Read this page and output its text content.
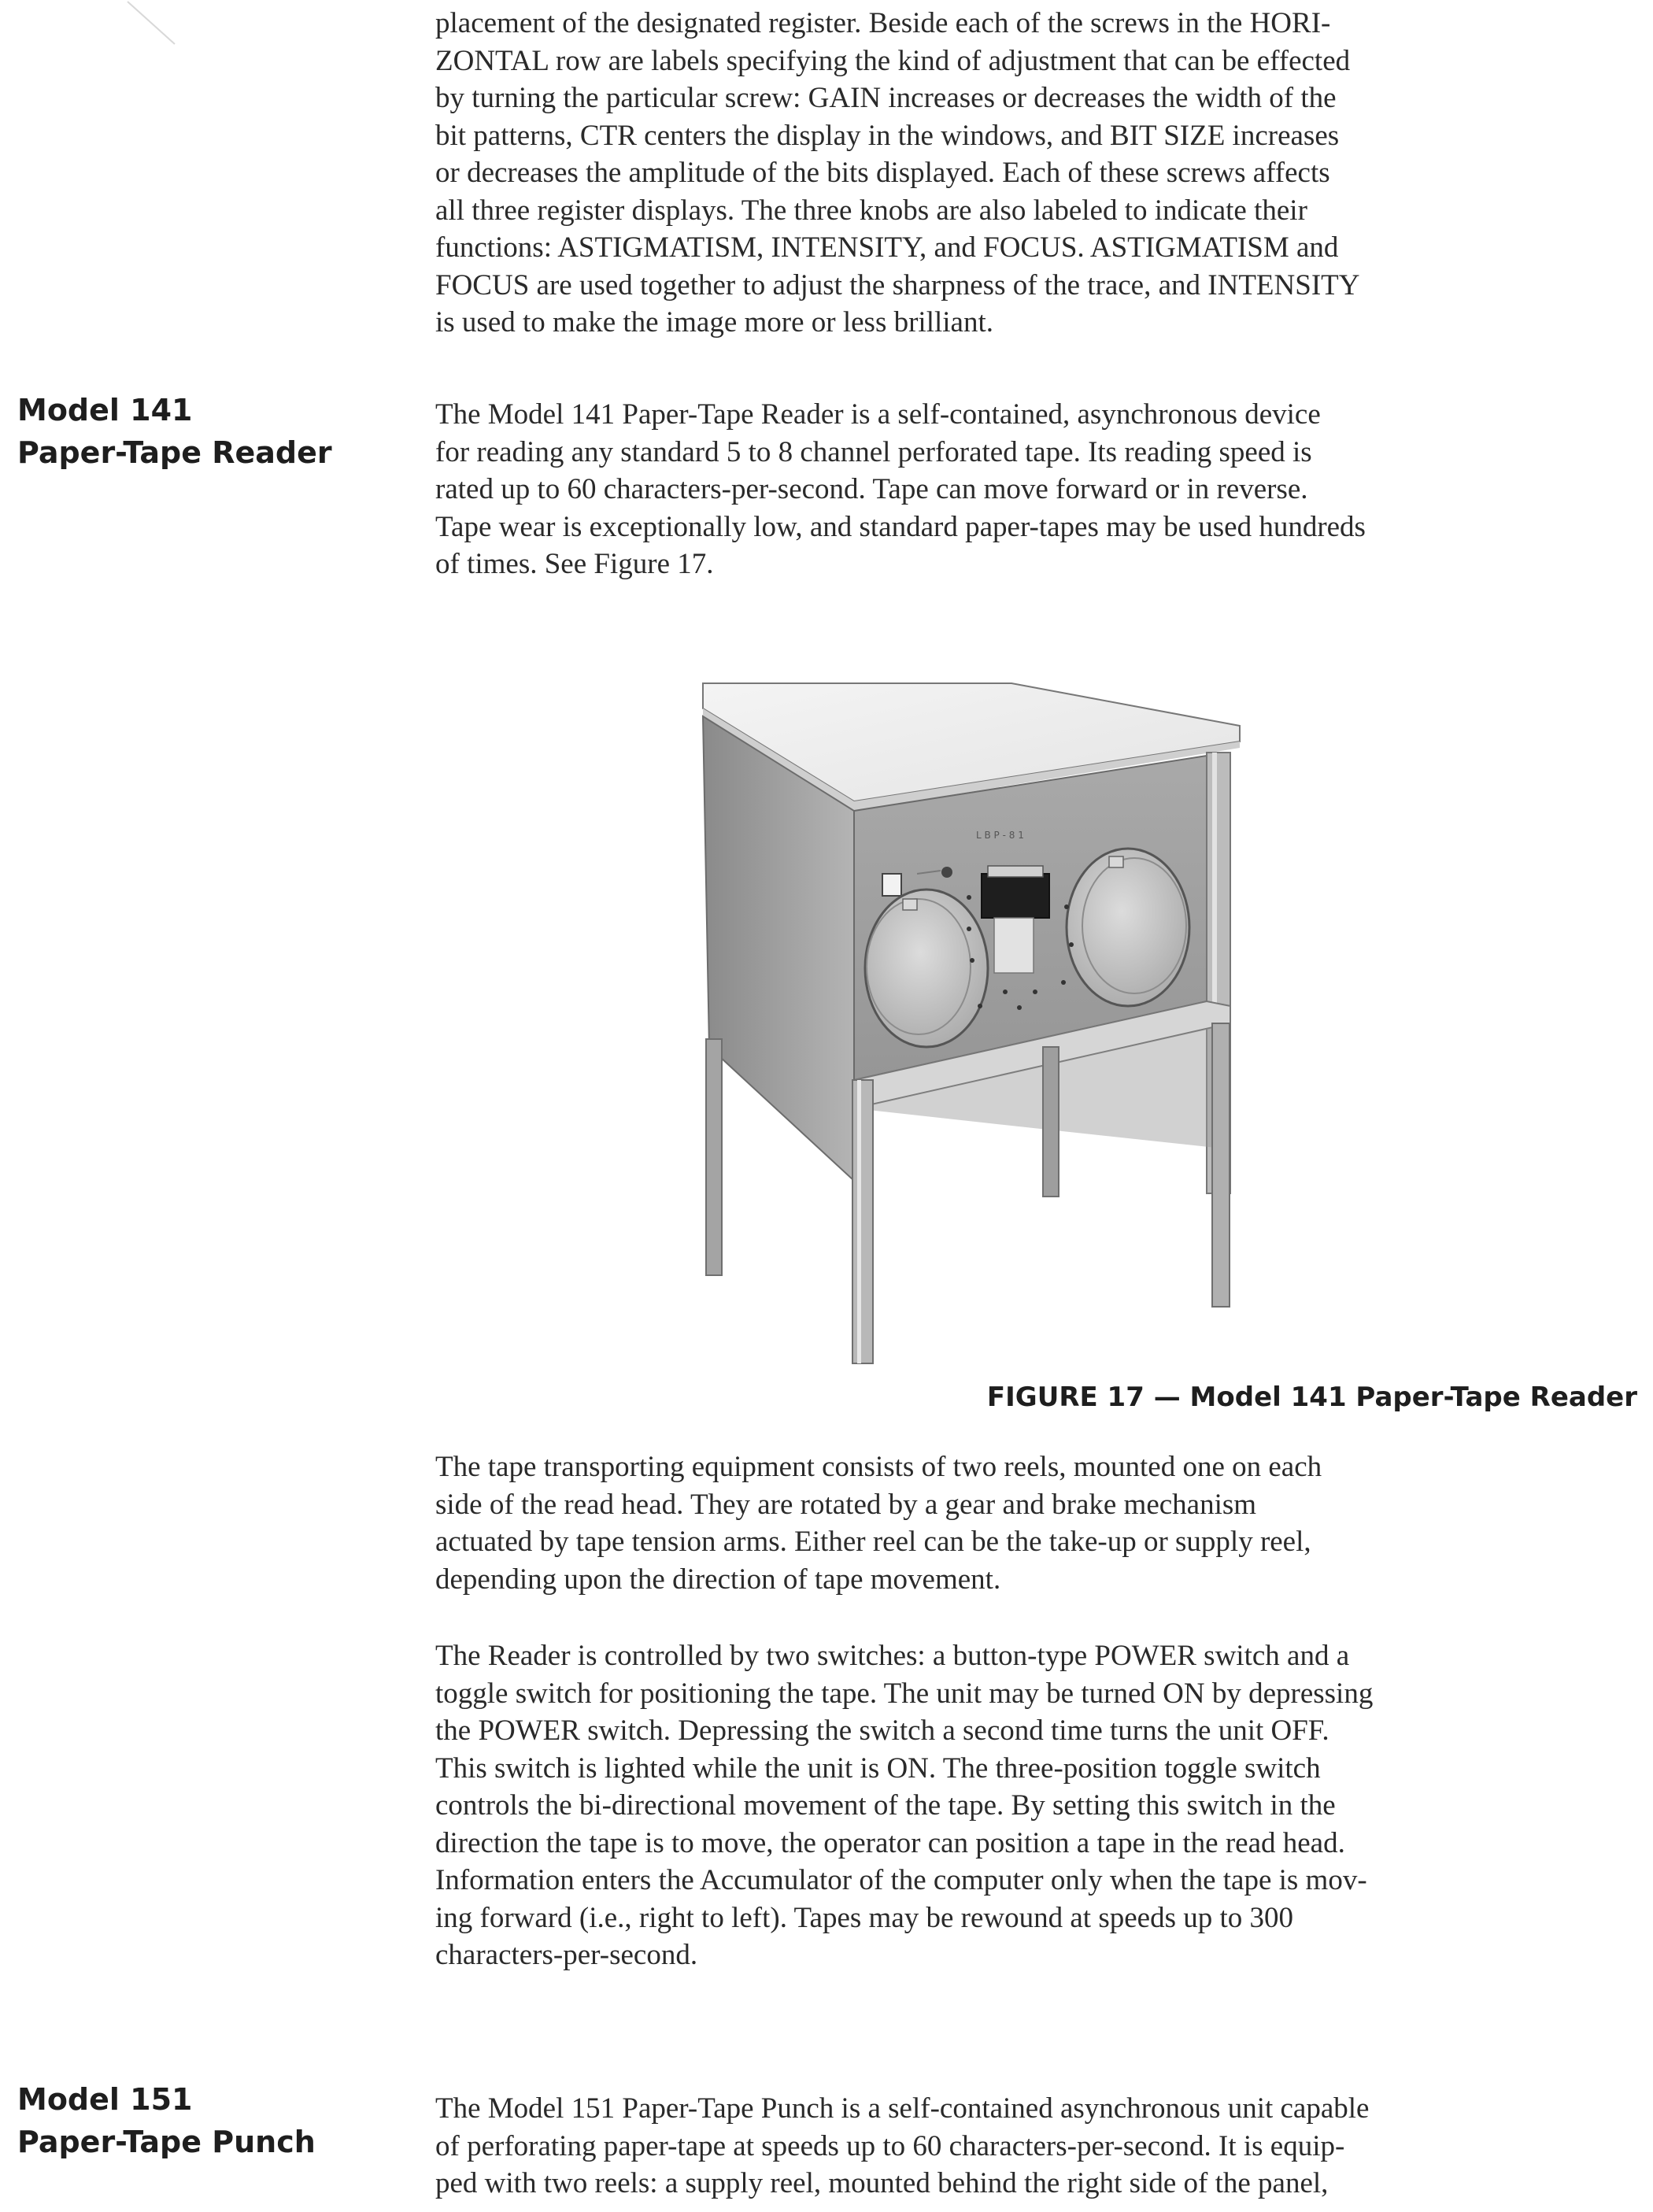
placement of the designated register. Beside each of the screws in the HORI-
ZONTAL row are labels specifying the kind of adjustment that can be effected
by turning the particular screw: GAIN increases or decreases the width of the
bit patterns, CTR centers the display in the windows, and BIT SIZE increases
or decreases the amplitude of the bits displayed. Each of these screws affects
all three register displays. The three knobs are also labeled to indicate their
functions: ASTIGMATISM, INTENSITY, and FOCUS. ASTIGMATISM and
FOCUS are used together to adjust the sharpness of the trace, and INTENSITY
is used to make the image more or less brilliant.

Model 141
Paper-Tape Reader

The Model 141 Paper-Tape Reader is a self-contained, asynchronous device
for reading any standard 5 to 8 channel perforated tape. Its reading speed is
rated up to 60 characters-per-second. Tape can move forward or in reverse.
Tape wear is exceptionally low, and standard paper-tapes may be used hundreds
of times. See Figure 17.

L B P - 8 1

FIGURE 17 — Model 141 Paper-Tape Reader

The tape transporting equipment consists of two reels, mounted one on each
side of the read head. They are rotated by a gear and brake mechanism
actuated by tape tension arms. Either reel can be the take-up or supply reel,
depending upon the direction of tape movement.

The Reader is controlled by two switches: a button-type POWER switch and a
toggle switch for positioning the tape. The unit may be turned ON by depressing
the POWER switch. Depressing the switch a second time turns the unit OFF.
This switch is lighted while the unit is ON. The three-position toggle switch
controls the bi-directional movement of the tape. By setting this switch in the
direction the tape is to move, the operator can position a tape in the read head.
Information enters the Accumulator of the computer only when the tape is mov-
ing forward (i.e., right to left). Tapes may be rewound at speeds up to 300
characters-per-second.

Model 151
Paper-Tape Punch

The Model 151 Paper-Tape Punch is a self-contained asynchronous unit capable
of perforating paper-tape at speeds up to 60 characters-per-second. It is equip-
ped with two reels: a supply reel, mounted behind the right side of the panel,
